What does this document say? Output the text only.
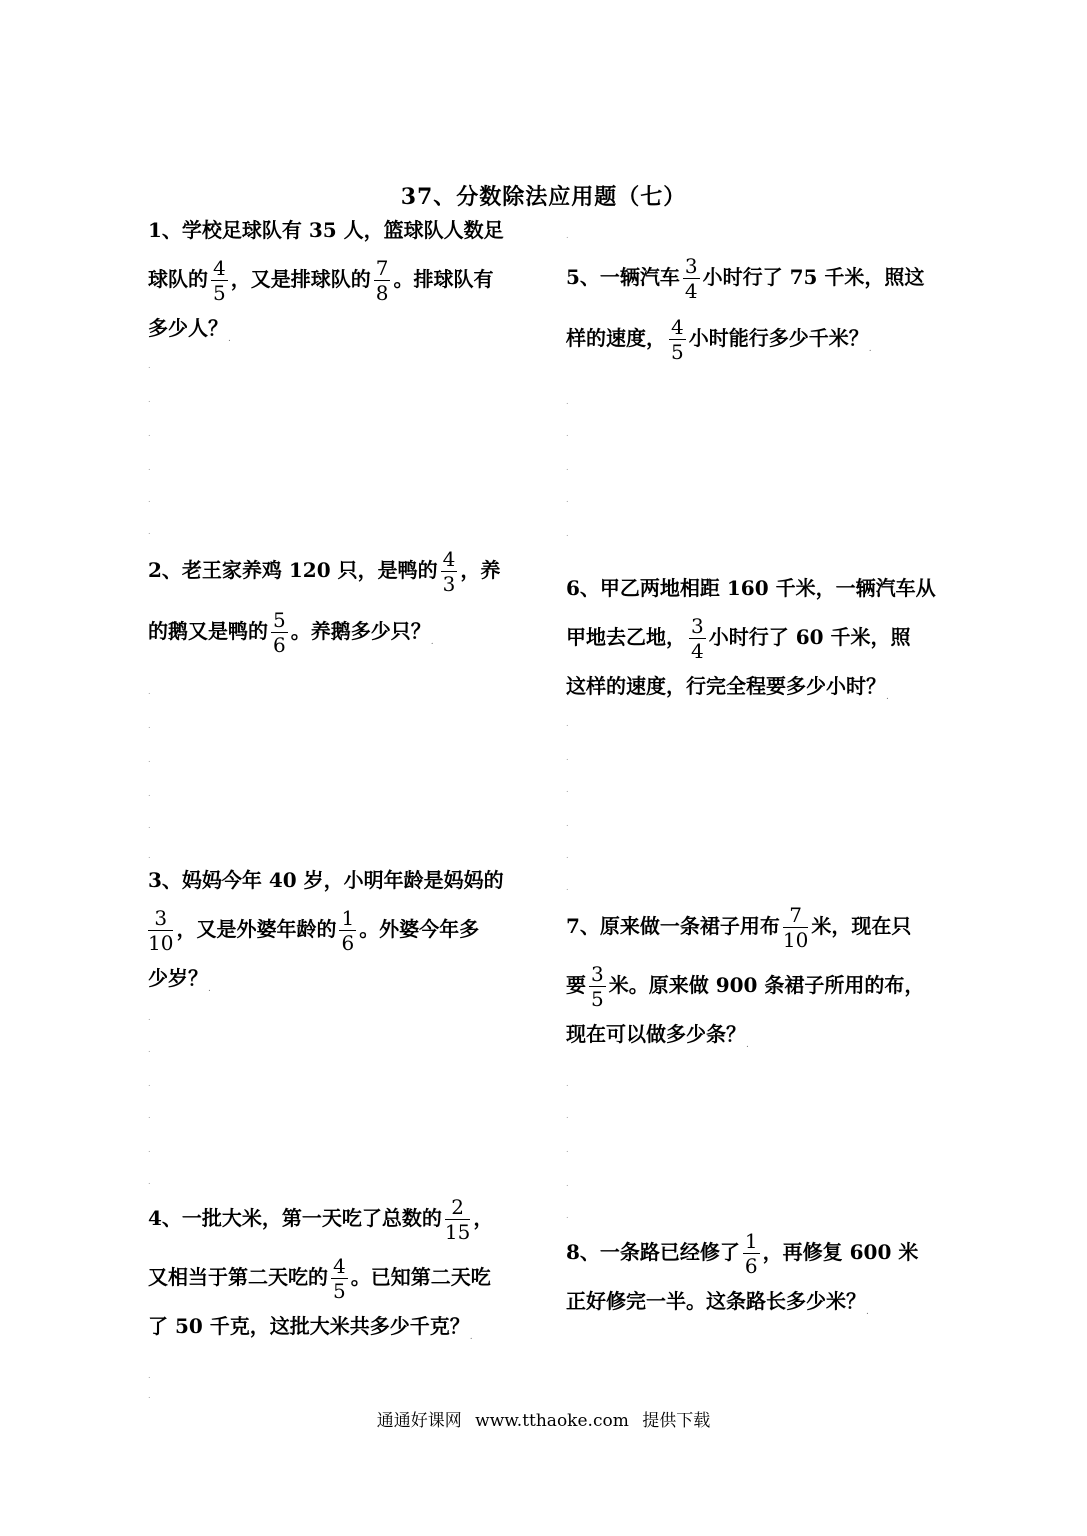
37、分数除法应用题（七）
1、学校足球队有 35 人，篮球队人数足
球队的 $\frac{4}{5}$ ，又是排球队的 $\frac{7}{8}$ 。排球队有
多少人？$_.$
2、老王家养鸡 120 只，是鸭的 $\frac{4}{3}$ ，养
的鹅又是鸭的 $\frac{5}{6}$ 。养鹅多少只？$_.$
3、妈妈今年 40 岁，小明年龄是妈妈的
$\frac{3}{10}$ ，又是外婆年龄的 $\frac{1}{6}$ 。外婆今年多
少岁？$_.$
4、一批大米，第一天吃了总数的 $\frac{2}{15}$ ，
又相当于第二天吃的 $\frac{4}{5}$ 。已知第二天吃
了 50 千克，这批大米共多少千克？$_.$
5、一辆汽车 $\frac{3}{4}$ 小时行了 75 千米，照这
样的速度， $\frac{4}{5}$ 小时能行多少千米？$_.$
6、甲乙两地相距 160 千米，一辆汽车从
甲地去乙地， $\frac{3}{4}$ 小时行了 60 千米，照
这样的速度，行完全程要多少小时？$_.$
7、原来做一条裙子用布 $\frac{7}{10}$ 米，现在只
要 $\frac{3}{5}$ 米。原来做 900 条裙子所用的布，
现在可以做多少条？$_.$
8、一条路已经修了 $\frac{1}{6}$ ，再修复 600 米
正好修完一半。这条路长多少米？$_.$
.
.
.
.
.
.
.
.
.
.
.
.
.
.
.
.
.
.
.
.
.
.
.
.
.
.
.
.
.
.
.
.
.
.
.
.
.
通通好课网 www.tthaoke.com 提供下载
